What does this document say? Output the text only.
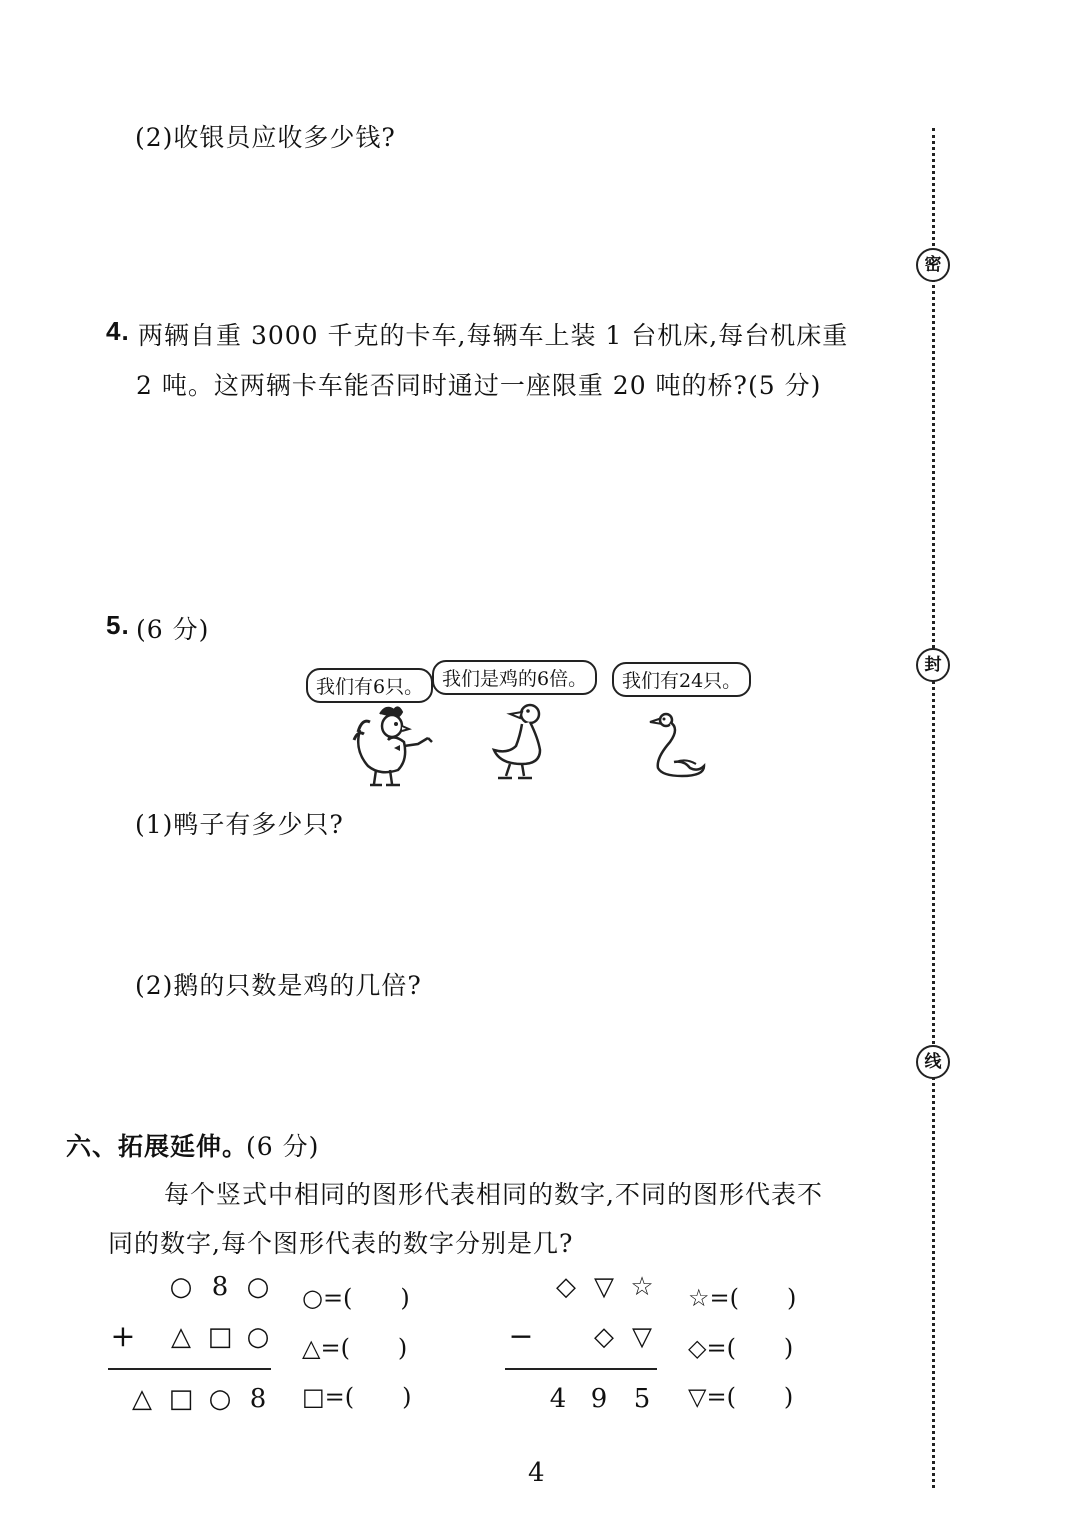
密
封
线
(2)收银员应收多少钱?
4. 两辆自重 3000 千克的卡车,每辆车上装 1 台机床,每台机床重
2 吨。这两辆卡车能否同时通过一座限重 20 吨的桥?(5 分)
5. (6 分)
我们有6只。 我们是鸡的6倍。	我们有24只。
(1)鸭子有多少只?
(2)鹅的只数是鸡的几倍?
六、拓展延伸。
(6 分)
每个竖式中相同的图形代表相同的数字,不同的图形代表不
同的数字,每个图形代表的数字分别是几?
○ 8 ○
+ △ □ ○
△ □ ○ 8
○=(　　)
△=(　　)
□=(　　)
◇ ▽ ☆
− ◇ ▽
4 9 5
☆=(　　)
◇=(　　)
▽=(　　)
4
